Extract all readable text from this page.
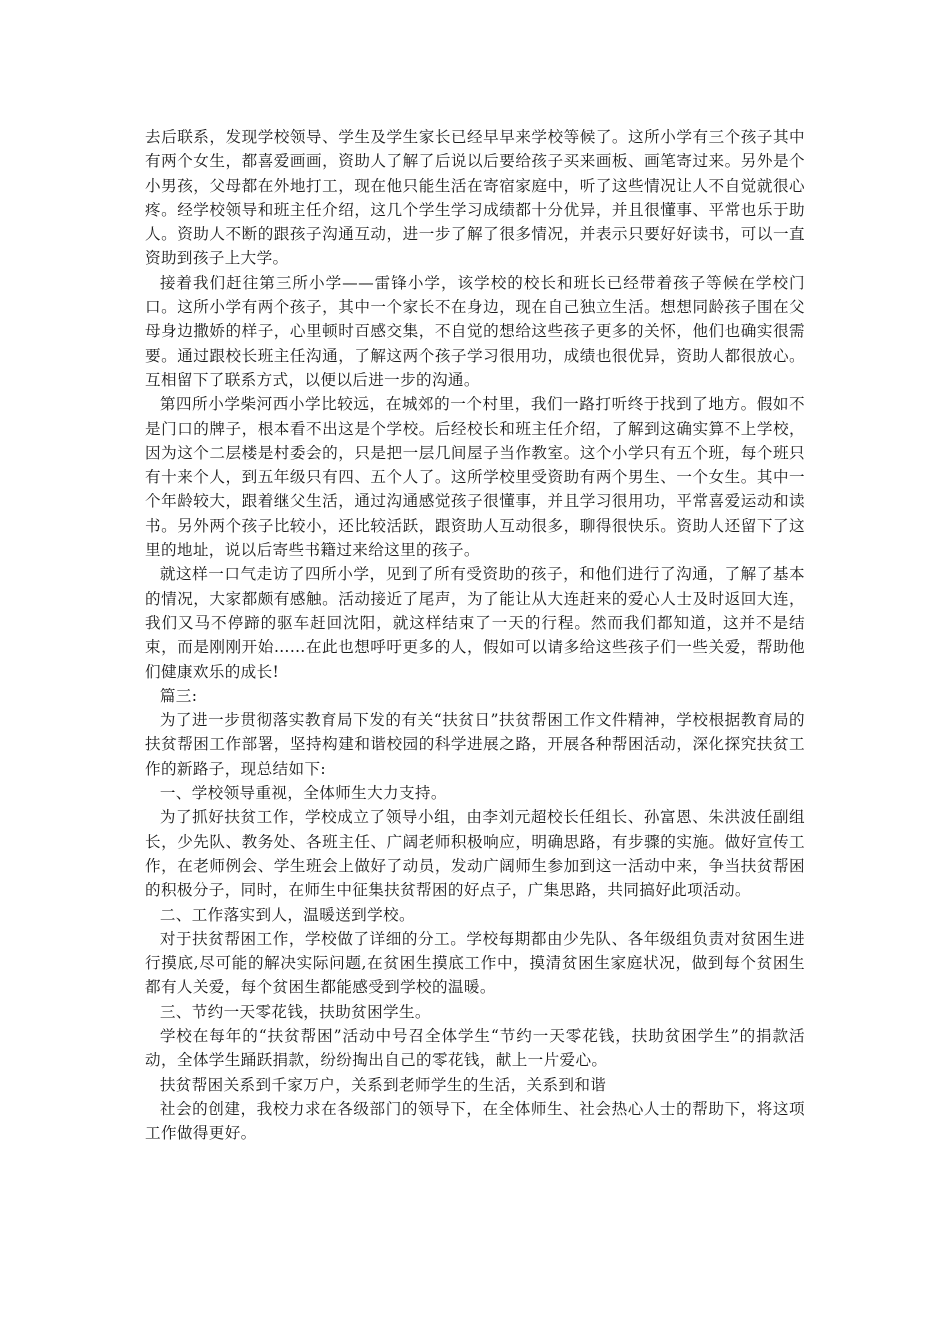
去后联系，发现学校领导、学生及学生家长已经早早来学校等候了。这所小学有三个孩子其中有两个女生，都喜爱画画，资助人了解了后说以后要给孩子买来画板、画笔寄过来。另外是个小男孩，父母都在外地打工，现在他只能生活在寄宿家庭中，听了这些情况让人不自觉就很心疼。经学校领导和班主任介绍，这几个学生学习成绩都十分优异，并且很懂事、平常也乐于助人。资助人不断的跟孩子沟通互动，进一步了解了很多情况，并表示只要好好读书，可以一直资助到孩子上大学。

接着我们赶往第三所小学——雷锋小学，该学校的校长和班长已经带着孩子等候在学校门口。这所小学有两个孩子，其中一个家长不在身边，现在自己独立生活。想想同龄孩子围在父母身边撒娇的样子，心里顿时百感交集，不自觉的想给这些孩子更多的关怀，他们也确实很需要。通过跟校长班主任沟通，了解这两个孩子学习很用功，成绩也很优异，资助人都很放心。互相留下了联系方式，以便以后进一步的沟通。

第四所小学柴河西小学比较远，在城郊的一个村里，我们一路打听终于找到了地方。假如不是门口的牌子，根本看不出这是个学校。后经校长和班主任介绍，了解到这确实算不上学校，因为这个二层楼是村委会的，只是把一层几间屋子当作教室。这个小学只有五个班，每个班只有十来个人，到五年级只有四、五个人了。这所学校里受资助有两个男生、一个女生。其中一个年龄较大，跟着继父生活，通过沟通感觉孩子很懂事，并且学习很用功，平常喜爱运动和读书。另外两个孩子比较小，还比较活跃，跟资助人互动很多，聊得很快乐。资助人还留下了这里的地址，说以后寄些书籍过来给这里的孩子。

就这样一口气走访了四所小学，见到了所有受资助的孩子，和他们进行了沟通，了解了基本的情况，大家都颇有感触。活动接近了尾声，为了能让从大连赶来的爱心人士及时返回大连，我们又马不停蹄的驱车赶回沈阳，就这样结束了一天的行程。然而我们都知道，这并不是结束，而是刚刚开始……在此也想呼吁更多的人，假如可以请多给这些孩子们一些关爱，帮助他们健康欢乐的成长!

篇三:

为了进一步贯彻落实教育局下发的有关“扶贫日”扶贫帮困工作文件精神，学校根据教育局的扶贫帮困工作部署，坚持构建和谐校园的科学进展之路，开展各种帮困活动，深化探究扶贫工作的新路子，现总结如下:

一、学校领导重视，全体师生大力支持。

为了抓好扶贫工作，学校成立了领导小组，由李刘元超校长任组长、孙富恩、朱洪波任副组长，少先队、教务处、各班主任、广阔老师积极响应，明确思路，有步骤的实施。做好宣传工作，在老师例会、学生班会上做好了动员，发动广阔师生参加到这一活动中来，争当扶贫帮困的积极分子，同时，在师生中征集扶贫帮困的好点子，广集思路，共同搞好此项活动。

二、工作落实到人，温暖送到学校。

对于扶贫帮困工作，学校做了详细的分工。学校每期都由少先队、各年级组负责对贫困生进行摸底,尽可能的解决实际问题,在贫困生摸底工作中，摸清贫困生家庭状况，做到每个贫困生都有人关爱，每个贫困生都能感受到学校的温暖。

三、节约一天零花钱，扶助贫困学生。

学校在每年的“扶贫帮困”活动中号召全体学生“节约一天零花钱，扶助贫困学生”的捐款活动，全体学生踊跃捐款，纷纷掏出自己的零花钱，献上一片爱心。

扶贫帮困关系到千家万户，关系到老师学生的生活，关系到和谐

社会的创建，我校力求在各级部门的领导下，在全体师生、社会热心人士的帮助下，将这项工作做得更好。
